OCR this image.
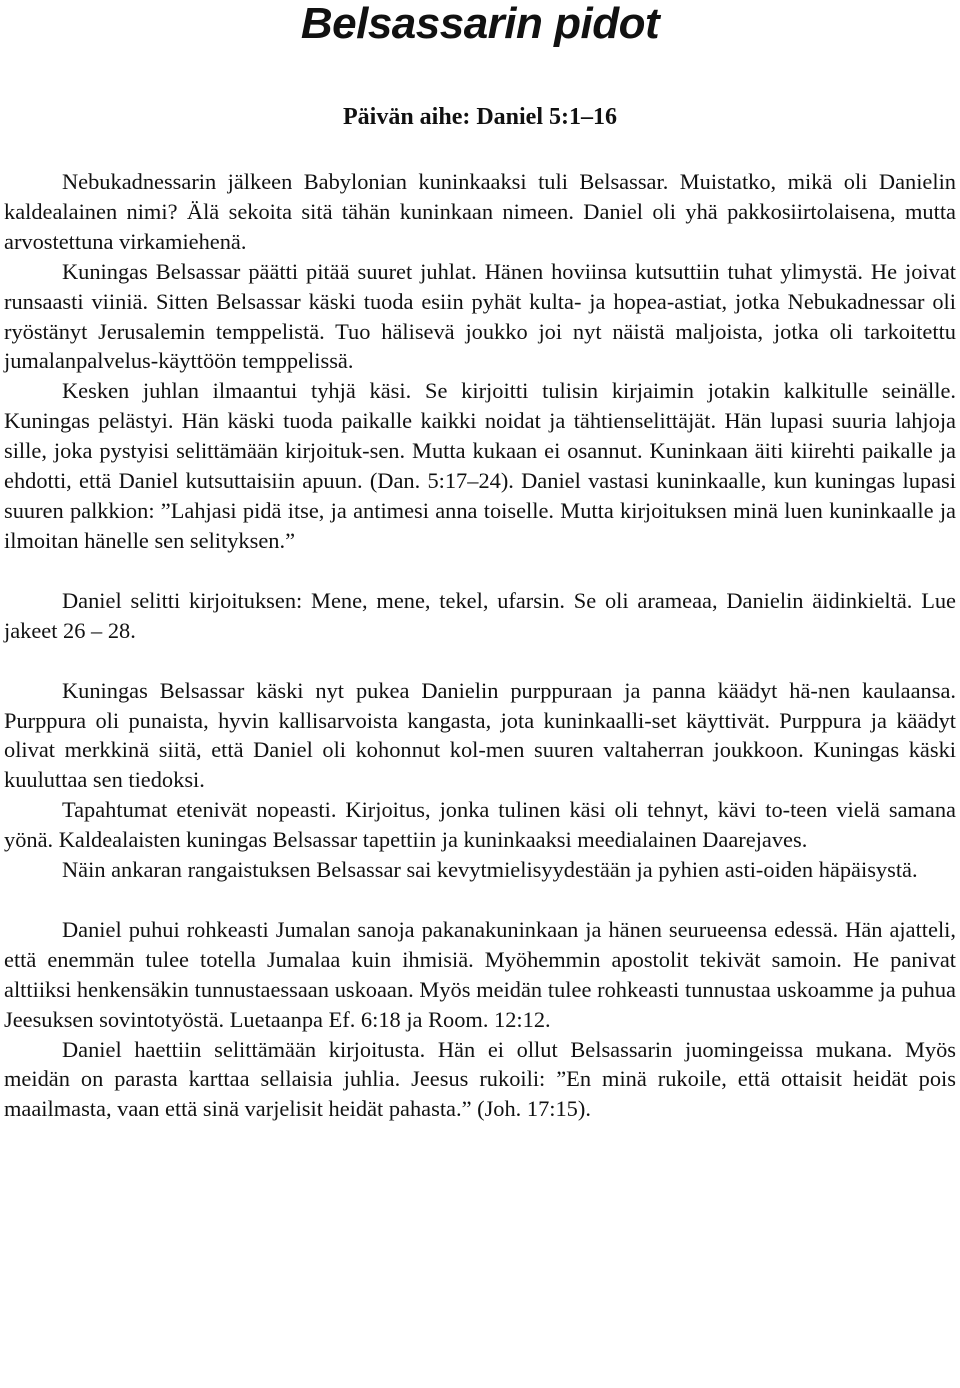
Belsassarin pidot
Päivän aihe: Daniel 5:1–16

Nebukadnessarin jälkeen Babylonian kuninkaaksi tuli Belsassar. Muistatko, mikä oli Danielin kaldealainen nimi? Älä sekoita sitä tähän kuninkaan nimeen. Daniel oli yhä pakkosiirtolaisena, mutta arvostettuna virkamiehenä.

Kuningas Belsassar päätti pitää suuret juhlat. Hänen hoviinsa kutsuttiin tuhat ylimystä. He joivat runsaasti viiniä. Sitten Belsassar käski tuoda esiin pyhät kulta- ja hopea-astiat, jotka Nebukadnessar oli ryöstänyt Jerusalemin temppelistä. Tuo hälisevä joukko joi nyt näistä maljoista, jotka oli tarkoitettu jumalanpalvelus-käyttöön temppelissä.

Kesken juhlan ilmaantui tyhjä käsi. Se kirjoitti tulisin kirjaimin jotakin kalkitulle seinälle. Kuningas pelästyi. Hän käski tuoda paikalle kaikki noidat ja tähtienselittäjät. Hän lupasi suuria lahjoja sille, joka pystyisi selittämään kirjoituk-sen. Mutta kukaan ei osannut. Kuninkaan äiti kiirehti paikalle ja ehdotti, että Daniel kutsuttaisiin apuun. (Dan. 5:17–24). Daniel vastasi kuninkaalle, kun kuningas lupasi suuren palkkion: ”Lahjasi pidä itse, ja antimesi anna toiselle. Mutta kirjoituksen minä luen kuninkaalle ja ilmoitan hänelle sen selityksen.”

Daniel selitti kirjoituksen: Mene, mene, tekel, ufarsin. Se oli arameaa, Danielin äidinkieltä. Lue jakeet 26 – 28.

Kuningas Belsassar käski nyt pukea Danielin purppuraan ja panna käädyt hä-nen kaulaansa. Purppura oli punaista, hyvin kallisarvoista kangasta, jota kuninkaalli-set käyttivät. Purppura ja käädyt olivat merkkinä siitä, että Daniel oli kohonnut kol-men suuren valtaherran joukkoon. Kuningas käski kuuluttaa sen tiedoksi.

Tapahtumat etenivät nopeasti. Kirjoitus, jonka tulinen käsi oli tehnyt, kävi to-teen vielä samana yönä. Kaldealaisten kuningas Belsassar tapettiin ja kuninkaaksi meedialainen Daarejaves.

Näin ankaran rangaistuksen Belsassar sai kevytmielisyydestään ja pyhien asti-oiden häpäisystä.

Daniel puhui rohkeasti Jumalan sanoja pakanakuninkaan ja hänen seurueensa edessä. Hän ajatteli, että enemmän tulee totella Jumalaa kuin ihmisiä. Myöhemmin apostolit tekivät samoin. He panivat alttiiksi henkensäkin tunnustaessaan uskoaan. Myös meidän tulee rohkeasti tunnustaa uskoamme ja puhua Jeesuksen sovintotyöstä. Luetaanpa Ef. 6:18 ja Room. 12:12.

Daniel haettiin selittämään kirjoitusta. Hän ei ollut Belsassarin juomingeissa mukana. Myös meidän on parasta karttaa sellaisia juhlia. Jeesus rukoili: ”En minä rukoile, että ottaisit heidät pois maailmasta, vaan että sinä varjelisit heidät pahasta.” (Joh. 17:15).
